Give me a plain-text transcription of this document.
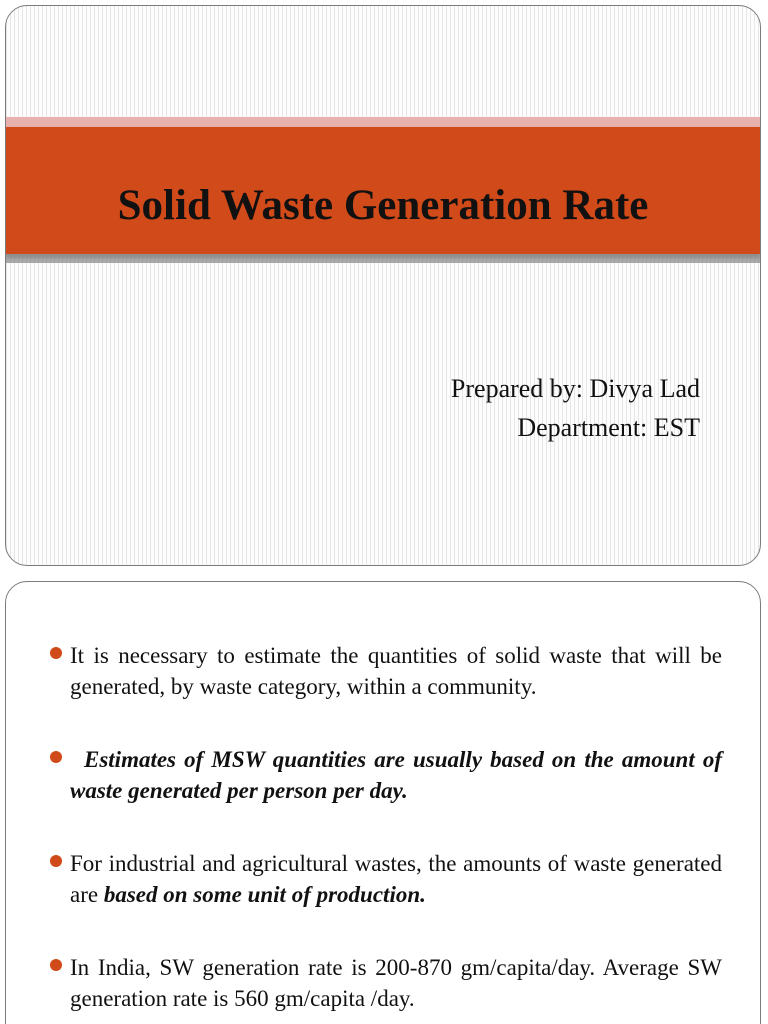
Solid Waste Generation Rate
Prepared by: Divya Lad
Department: EST
It is necessary to estimate the quantities of solid waste that will be generated, by waste category, within a community.
Estimates of MSW quantities are usually based on the amount of waste generated per person per day.
For industrial and agricultural wastes, the amounts of waste generated are based on some unit of production.
In India, SW generation rate is 200-870 gm/capita/day. Average SW generation rate is 560 gm/capita /day.
